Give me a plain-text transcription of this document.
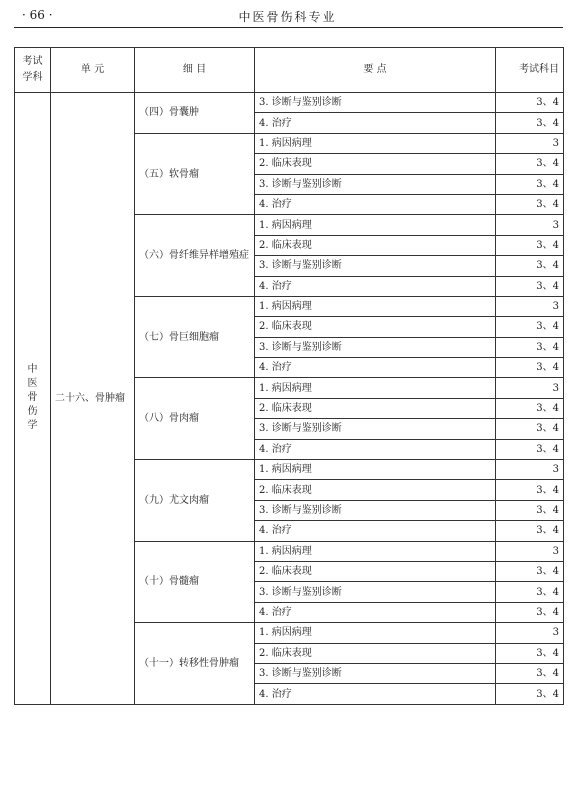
· 66 ·	中医骨伤科专业
考试学科	单 元	细 目	要 点	考试科目

中医骨伤学	二十六、骨肿瘤	（四）骨囊肿	3. 诊断与鉴别诊断	3、4
			4. 治疗	3、4
		（五）软骨瘤	1. 病因病理	3
			2. 临床表现	3、4
			3. 诊断与鉴别诊断	3、4
			4. 治疗	3、4
		（六）骨纤维异样增殖症	1. 病因病理	3
			2. 临床表现	3、4
			3. 诊断与鉴别诊断	3、4
			4. 治疗	3、4
		（七）骨巨细胞瘤	1. 病因病理	3
			2. 临床表现	3、4
			3. 诊断与鉴别诊断	3、4
			4. 治疗	3、4
		（八）骨肉瘤	1. 病因病理	3
			2. 临床表现	3、4
			3. 诊断与鉴别诊断	3、4
			4. 治疗	3、4
		（九）尤文肉瘤	1. 病因病理	3
			2. 临床表现	3、4
			3. 诊断与鉴别诊断	3、4
			4. 治疗	3、4
		（十）骨髓瘤	1. 病因病理	3
			2. 临床表现	3、4
			3. 诊断与鉴别诊断	3、4
			4. 治疗	3、4
		（十一）转移性骨肿瘤	1. 病因病理	3
			2. 临床表现	3、4
			3. 诊断与鉴别诊断	3、4
			4. 治疗	3、4
